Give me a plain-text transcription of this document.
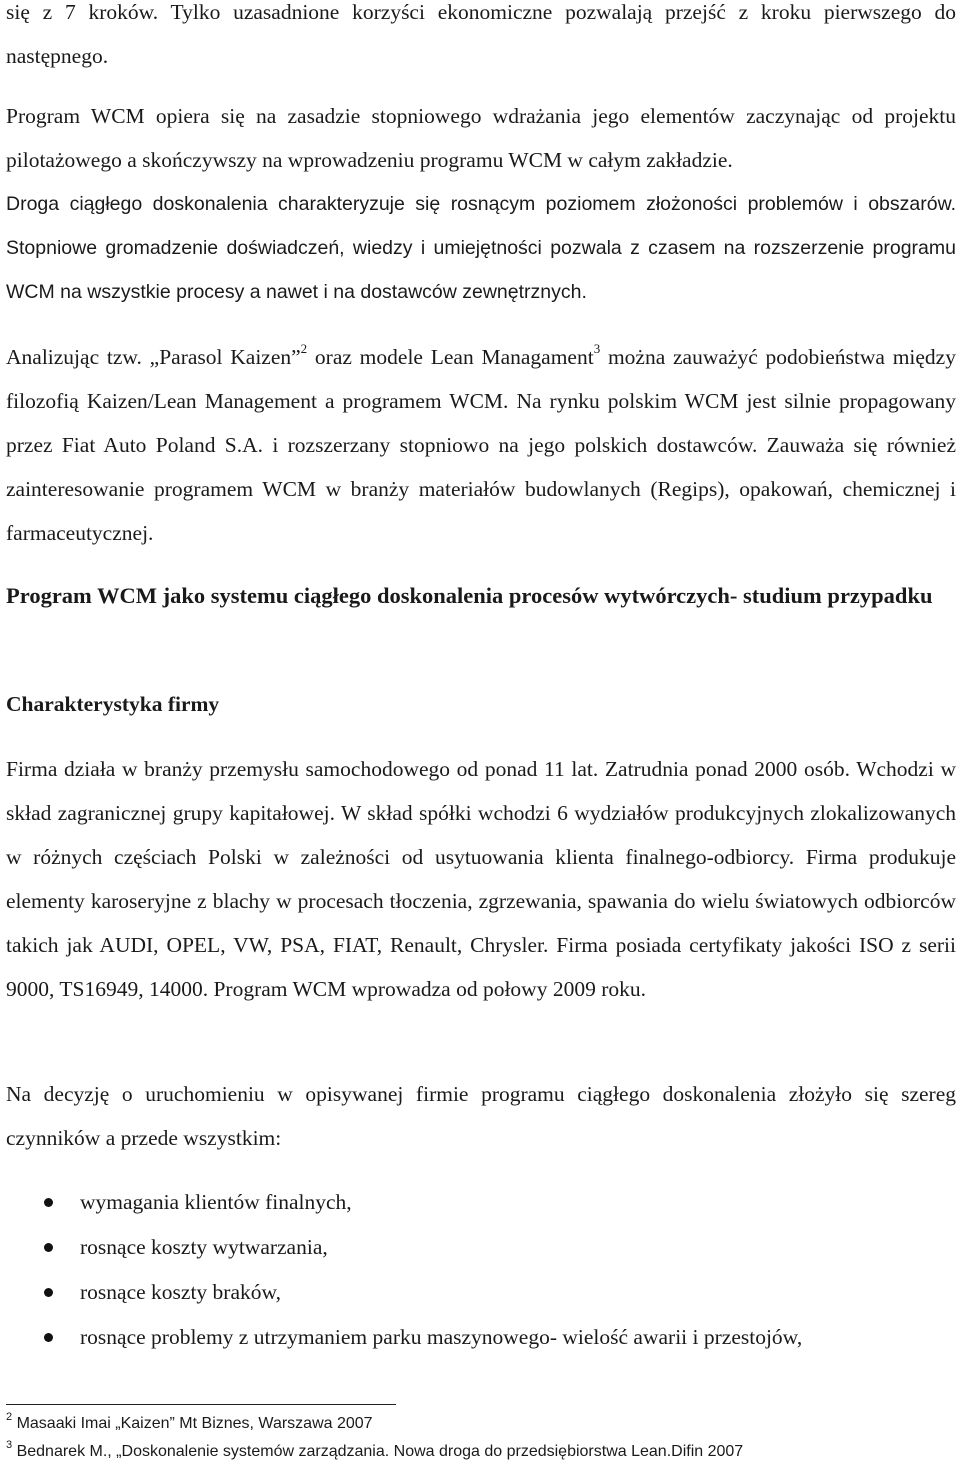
się z 7 kroków. Tylko uzasadnione korzyści ekonomiczne pozwalają przejść z kroku pierwszego do następnego.

Program WCM opiera się na zasadzie stopniowego wdrażania jego elementów zaczynając od projektu pilotażowego a skończywszy na wprowadzeniu programu WCM w całym zakładzie.

Droga ciągłego doskonalenia charakteryzuje się rosnącym poziomem złożoności problemów i obszarów. Stopniowe gromadzenie doświadczeń, wiedzy i umiejętności pozwala z czasem na rozszerzenie programu WCM na wszystkie procesy a nawet i na dostawców zewnętrznych.

Analizując tzw. „Parasol Kaizen”$^2$ oraz modele Lean Managament$^3$ można zauważyć podobieństwa między filozofią Kaizen/Lean Management a programem WCM. Na rynku polskim WCM jest silnie propagowany przez Fiat Auto Poland S.A. i rozszerzany stopniowo na jego polskich dostawców. Zauważa się również zainteresowanie programem WCM w branży materiałów budowlanych (Regips), opakowań, chemicznej i farmaceutycznej.

Program WCM jako systemu ciągłego doskonalenia procesów wytwórczych- studium przypadku
Charakterystyka firmy

Firma działa w branży przemysłu samochodowego od ponad 11 lat. Zatrudnia ponad 2000 osób. Wchodzi w skład zagranicznej grupy kapitałowej. W skład spółki wchodzi 6 wydziałów produkcyjnych zlokalizowanych w różnych częściach Polski w zależności od usytuowania klienta finalnego-odbiorcy. Firma produkuje elementy karoseryjne z blachy w procesach tłoczenia, zgrzewania, spawania do wielu światowych odbiorców takich jak AUDI, OPEL, VW, PSA, FIAT, Renault, Chrysler. Firma posiada certyfikaty jakości ISO z serii 9000, TS16949, 14000. Program WCM wprowadza od połowy 2009 roku.

Na decyzję o uruchomieniu w opisywanej firmie programu ciągłego doskonalenia złożyło się szereg czynników a przede wszystkim:

wymagania klientów finalnych,
rosnące koszty wytwarzania,
rosnące koszty braków,
rosnące problemy z utrzymaniem parku maszynowego- wielość awarii i przestojów,

$^2$ Masaaki Imai „Kaizen” Mt Biznes, Warszawa 2007

$^3$ Bednarek M., „Doskonalenie systemów zarządzania. Nowa droga do przedsiębiorstwa Lean.Difin 2007
